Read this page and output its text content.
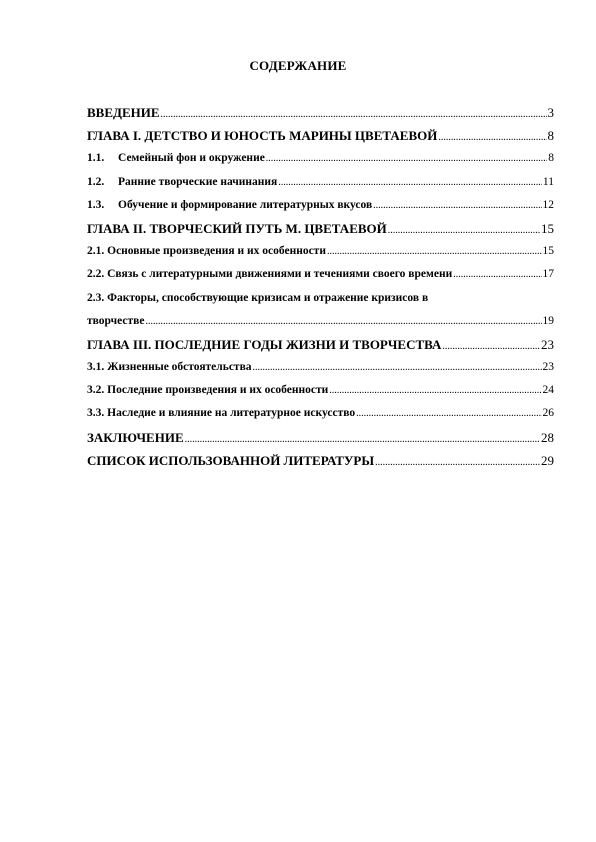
СОДЕРЖАНИЕ
ВВЕДЕНИЕ .....	3
ГЛАВА I. ДЕТСТВО И ЮНОСТЬ МАРИНЫ ЦВЕТАЕВОЙ .....	8
1.1.	Семейный фон и окружение .....	8
1.2.	Ранние творческие начинания .....	11
1.3.	Обучение и формирование литературных вкусов .....	12
ГЛАВА II. ТВОРЧЕСКИЙ ПУТЬ М. ЦВЕТАЕВОЙ .....	15
2.1. Основные произведения и их особенности .....	15
2.2. Связь с литературными движениями и течениями своего времени .....	17
2.3. Факторы, способствующие кризисам и отражение кризисов в
творчестве .....	19
ГЛАВА III. ПОСЛЕДНИЕ ГОДЫ ЖИЗНИ И ТВОРЧЕСТВА .....	23
3.1. Жизненные обстоятельства .....	23
3.2. Последние произведения и их особенности .....	24
3.3. Наследие и влияние на литературное искусство .....	26
ЗАКЛЮЧЕНИЕ .....	28
СПИСОК ИСПОЛЬЗОВАННОЙ ЛИТЕРАТУРЫ .....	29
